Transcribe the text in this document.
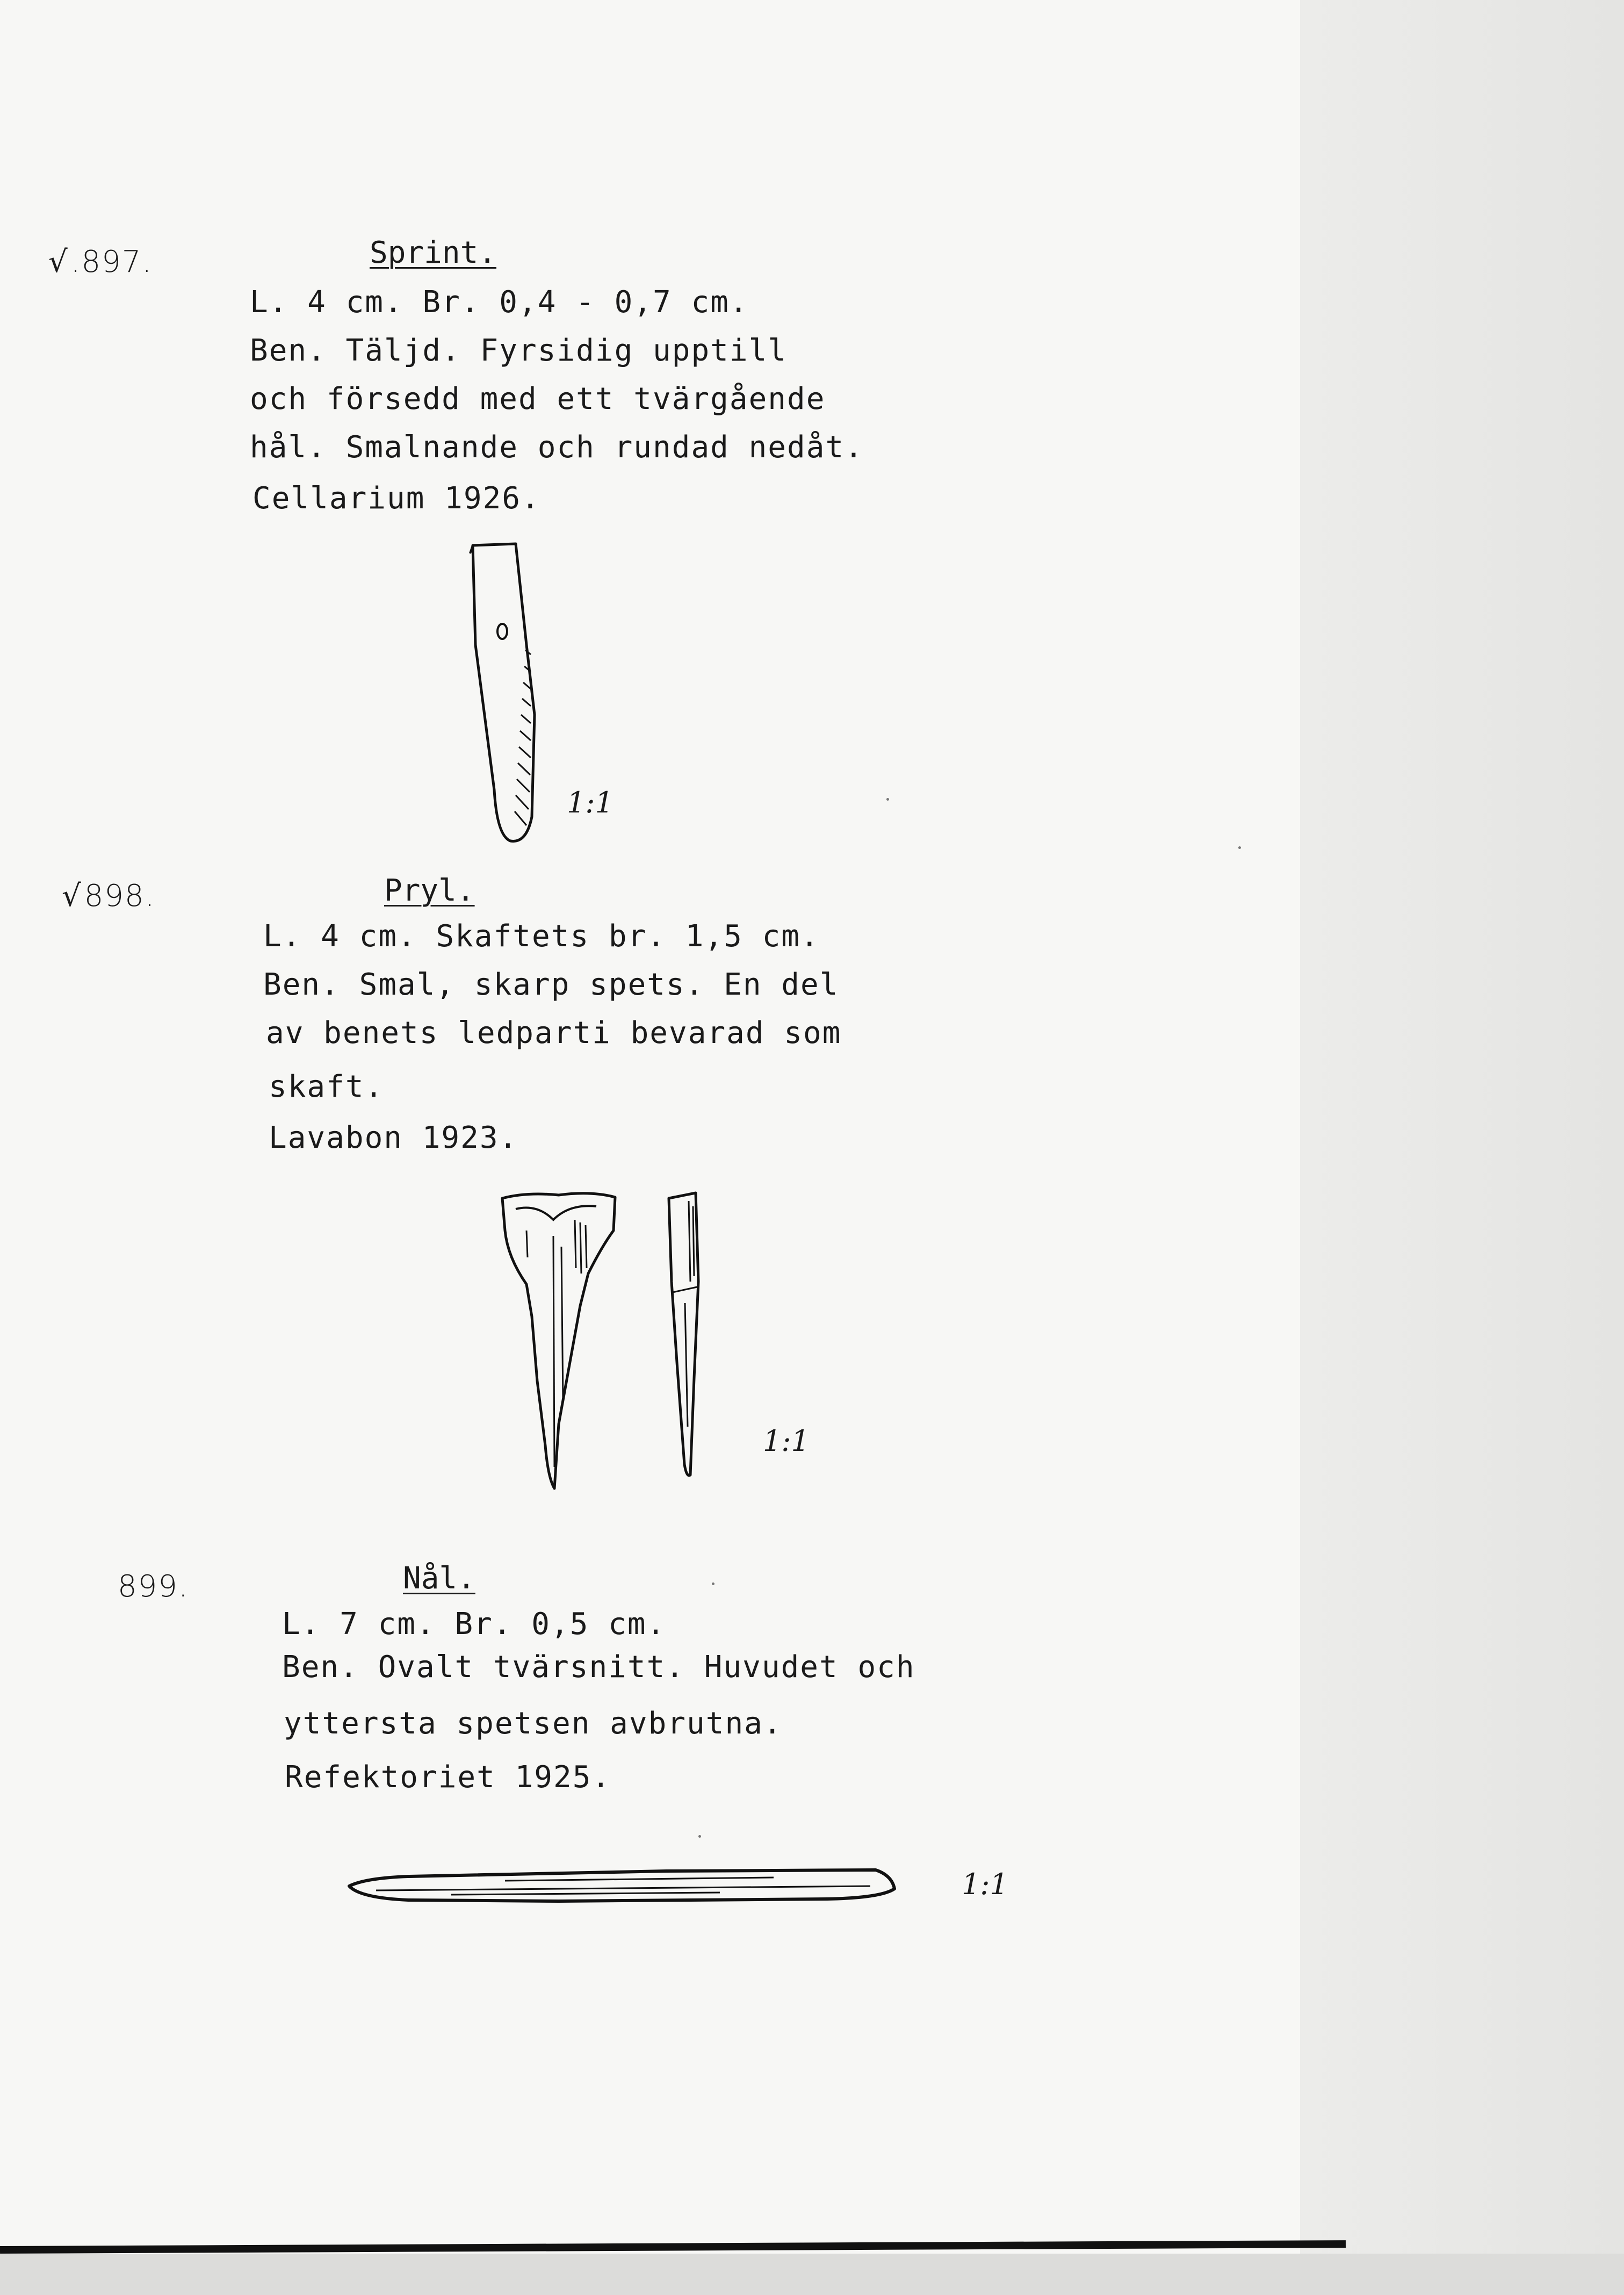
√.897.	Sprint.
L. 4 cm. Br. 0,4 - 0,7 cm.
Ben. Täljd. Fyrsidig upptill
och försedd med ett tvärgående
hål. Smalnande och rundad nedåt.
Cellarium 1926.
1:1
√898.	Pryl.
L. 4 cm. Skaftets br. 1,5 cm.
Ben. Smal, skarp spets. En del
av benets ledparti bevarad som
skaft.
Lavabon 1923.
1:1
899.	Nål.
L. 7 cm. Br. 0,5 cm.
Ben. Ovalt tvärsnitt. Huvudet och
yttersta spetsen avbrutna.
Refektoriet 1925.
1:1
